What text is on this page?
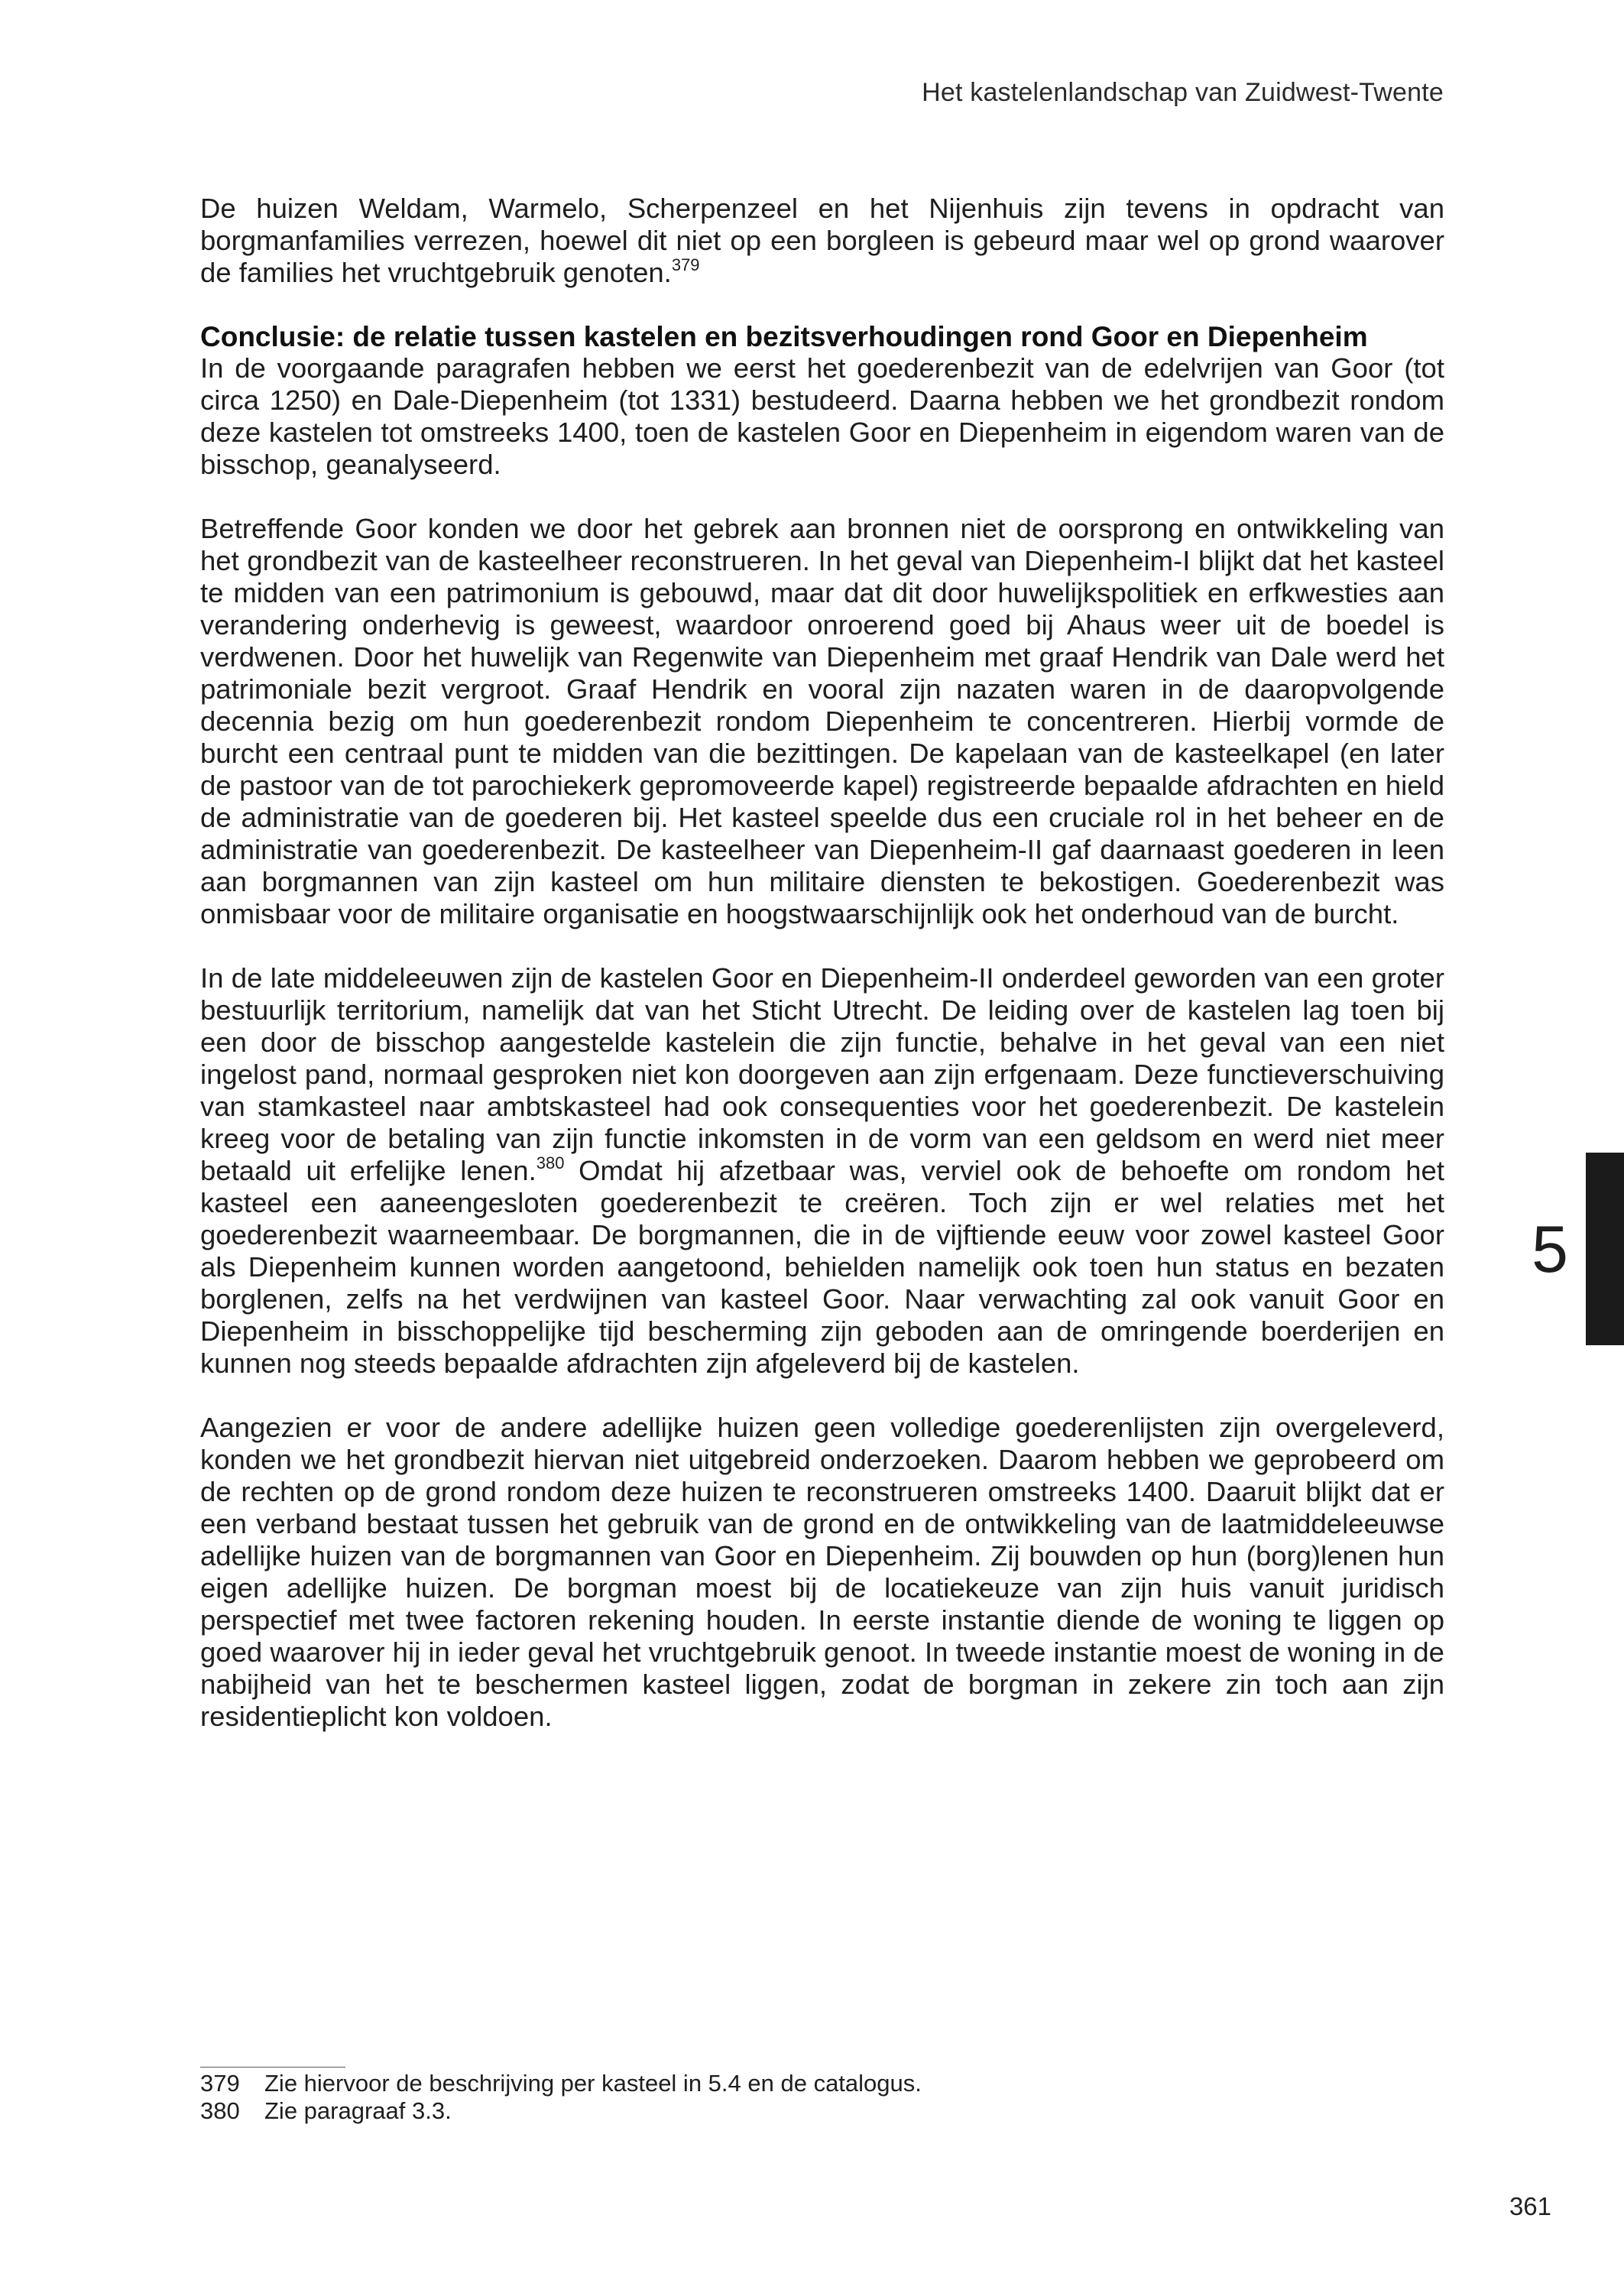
Het kastelenlandschap van Zuidwest-Twente

De huizen Weldam, Warmelo, Scherpenzeel en het Nijenhuis zijn tevens in opdracht van borgmanfamilies verrezen, hoewel dit niet op een borgleen is gebeurd maar wel op grond waarover de families het vruchtgebruik genoten.$^{379}$

Conclusie: de relatie tussen kastelen en bezitsverhoudingen rond Goor en Diepenheim

In de voorgaande paragrafen hebben we eerst het goederenbezit van de edelvrijen van Goor (tot circa 1250) en Dale-Diepenheim (tot 1331) bestudeerd. Daarna hebben we het grondbezit rondom deze kastelen tot omstreeks 1400, toen de kastelen Goor en Diepenheim in eigendom waren van de bisschop, geanalyseerd.

Betreffende Goor konden we door het gebrek aan bronnen niet de oorsprong en ontwikkeling van het grondbezit van de kasteelheer reconstrueren. In het geval van Diepenheim-I blijkt dat het kasteel te midden van een patrimonium is gebouwd, maar dat dit door huwelijkspolitiek en erfkwesties aan verandering onderhevig is geweest, waardoor onroerend goed bij Ahaus weer uit de boedel is verdwenen. Door het huwelijk van Regenwite van Diepenheim met graaf Hendrik van Dale werd het patrimoniale bezit vergroot. Graaf Hendrik en vooral zijn nazaten waren in de daaropvolgende decennia bezig om hun goederenbezit rondom Diepenheim te concentreren. Hierbij vormde de burcht een centraal punt te midden van die bezittingen. De kapelaan van de kasteelkapel (en later de pastoor van de tot parochiekerk gepromoveerde kapel) registreerde bepaalde afdrachten en hield de administratie van de goederen bij. Het kasteel speelde dus een cruciale rol in het beheer en de administratie van goederenbezit. De kasteelheer van Diepenheim-II gaf daarnaast goederen in leen aan borgmannen van zijn kasteel om hun militaire diensten te bekostigen. Goederenbezit was onmisbaar voor de militaire organisatie en hoogstwaarschijnlijk ook het onderhoud van de burcht.

In de late middeleeuwen zijn de kastelen Goor en Diepenheim-II onderdeel geworden van een groter bestuurlijk territorium, namelijk dat van het Sticht Utrecht. De leiding over de kastelen lag toen bij een door de bisschop aangestelde kastelein die zijn functie, behalve in het geval van een niet ingelost pand, normaal gesproken niet kon doorgeven aan zijn erfgenaam. Deze functieverschuiving van stamkasteel naar ambtskasteel had ook consequenties voor het goederenbezit. De kastelein kreeg voor de betaling van zijn functie inkomsten in de vorm van een geldsom en werd niet meer betaald uit erfelijke lenen.$^{380}$ Omdat hij afzetbaar was, verviel ook de behoefte om rondom het kasteel een aaneengesloten goederenbezit te creëren. Toch zijn er wel relaties met het goederenbezit waarneembaar. De borgmannen, die in de vijftiende eeuw voor zowel kasteel Goor als Diepenheim kunnen worden aangetoond, behielden namelijk ook toen hun status en bezaten borglenen, zelfs na het verdwijnen van kasteel Goor. Naar verwachting zal ook vanuit Goor en Diepenheim in bisschoppelijke tijd bescherming zijn geboden aan de omringende boerderijen en kunnen nog steeds bepaalde afdrachten zijn afgeleverd bij de kastelen.

Aangezien er voor de andere adellijke huizen geen volledige goederenlijsten zijn overgeleverd, konden we het grondbezit hiervan niet uitgebreid onderzoeken. Daarom hebben we geprobeerd om de rechten op de grond rondom deze huizen te reconstrueren omstreeks 1400. Daaruit blijkt dat er een verband bestaat tussen het gebruik van de grond en de ontwikkeling van de laatmiddeleeuwse adellijke huizen van de borgmannen van Goor en Diepenheim. Zij bouwden op hun (borg)lenen hun eigen adellijke huizen. De borgman moest bij de locatiekeuze van zijn huis vanuit juridisch perspectief met twee factoren rekening houden. In eerste instantie diende de woning te liggen op goed waarover hij in ieder geval het vruchtgebruik genoot. In tweede instantie moest de woning in de nabijheid van het te beschermen kasteel liggen, zodat de borgman in zekere zin toch aan zijn residentieplicht kon voldoen.

5
379	Zie hiervoor de beschrijving per kasteel in 5.4 en de catalogus.
380	Zie paragraaf 3.3.
361
